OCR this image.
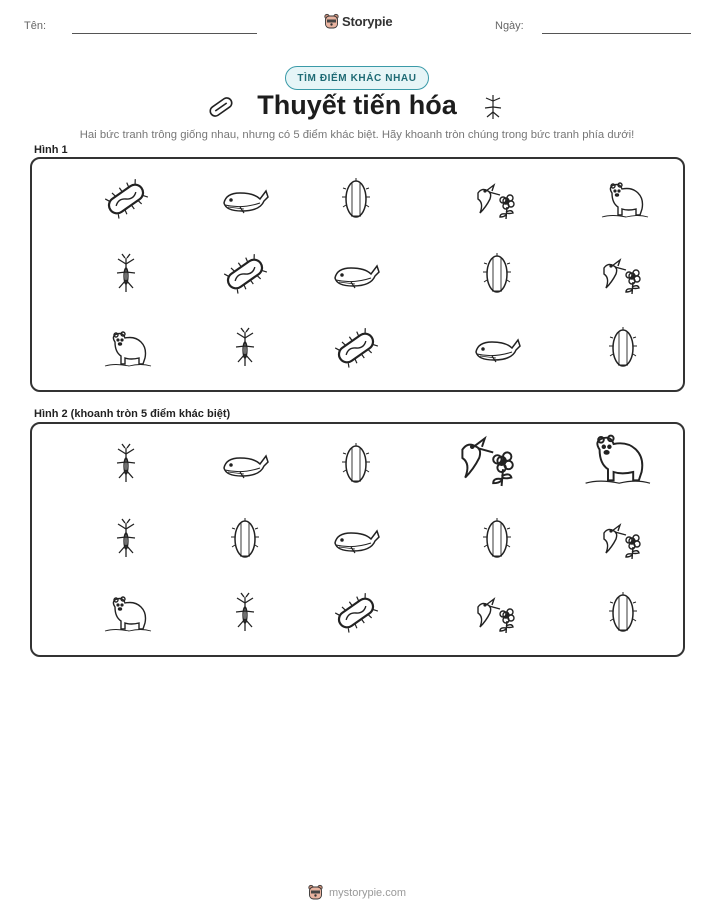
Tên:	Storypie	Ngày:
TÌM ĐIỂM KHÁC NHAU
Thuyết tiến hóa
Hai bức tranh trông giống nhau, nhưng có 5 điểm khác biệt. Hãy khoanh tròn chúng trong bức tranh phía dưới!
Hình 1
Hình 2 (khoanh tròn 5 điểm khác biệt)
mystorypie.com
